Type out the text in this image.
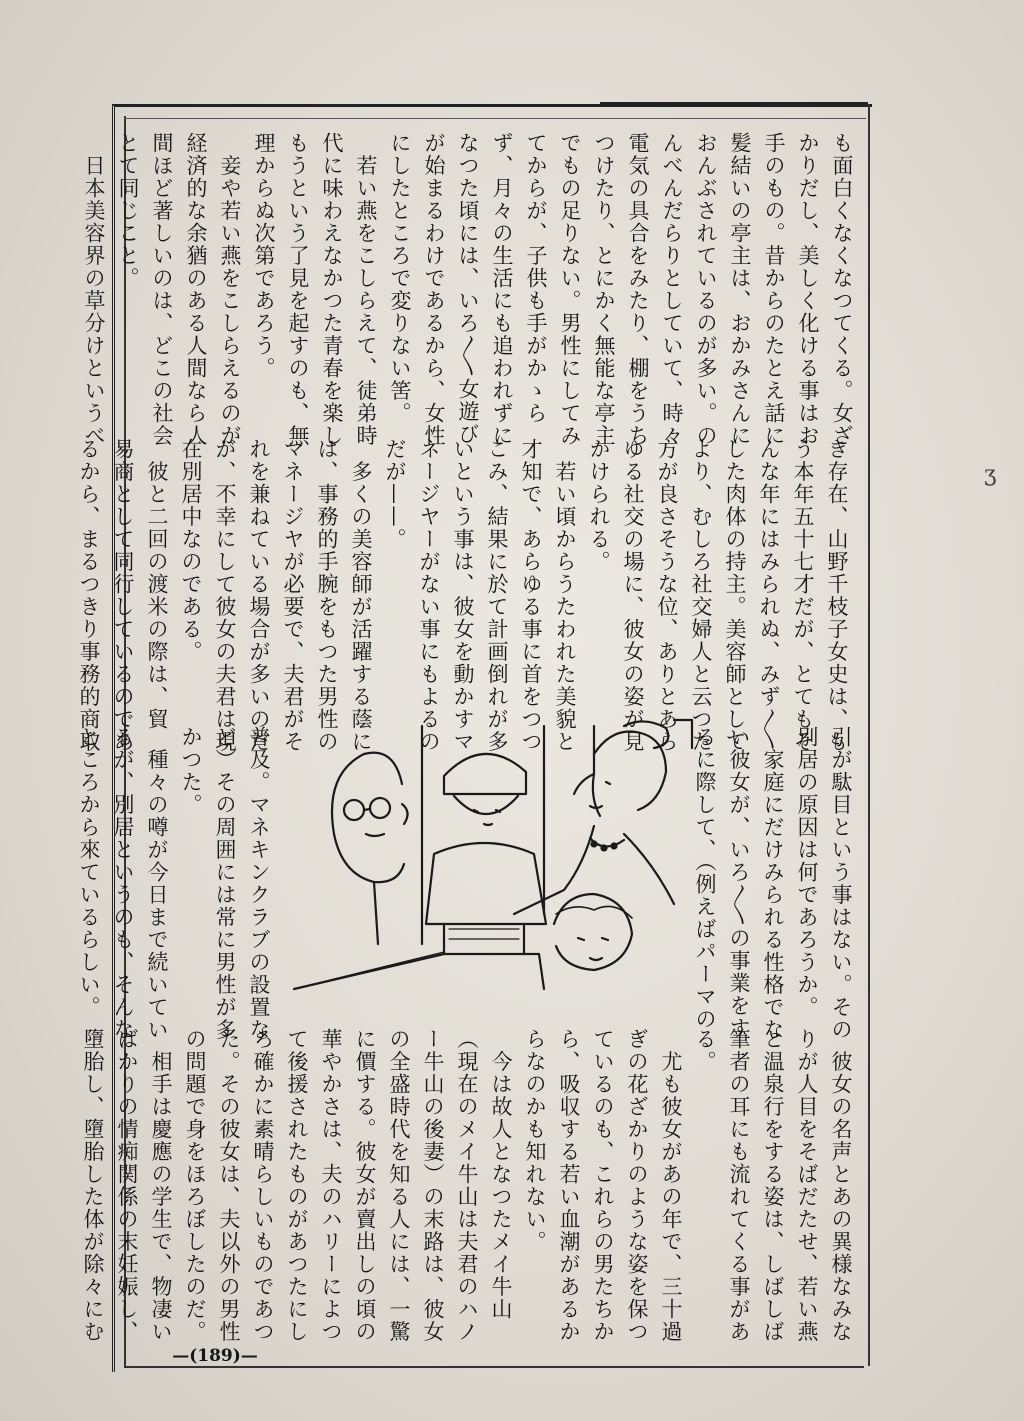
も面白くなくなつてくる。女ざ
かりだし、美しく化ける事はお
手のもの。昔からのたとえ話に
髪結いの亭主は、おかみさんに
おんぶされているのが多い。の
んべんだらりとしていて、時々
電気の具合をみたり、棚をうち
つけたり、とにかく無能な亭主
でもの足りない。男性にしてみ
てからが、子供も手がかゝら
ず、月々の生活にも追われずに
なつた頃には、いろ〳〵女遊び
が始まるわけであるから、女性
にしたところで変りない筈。
　若い燕をこしらえて、徒弟時
代に味わえなかつた青春を楽し
もうという了見を起すのも、無
理からぬ次第であろう。
　妾や若い燕をこしらえるのが
経済的な余猶のある人間なら人
間ほど著しいのは、どこの社会
とて同じこと。
　日本美容界の草分けというべ
き存在、山野千枝子女史は、も
う本年五十七才だが、とてもそ
んな年にはみられぬ、みず〳〵
した肉体の持主。美容師として
より、むしろ社交婦人と云つた
方が良さそうな位、ありとあら
ゆる社交の場に、彼女の姿が見
かけられる。
　若い頃からうたわれた美貌と
才知で、あらゆる事に首をつつ
こみ、結果に於て計画倒れが多
いという事は、彼女を動かすマ
ネージヤーがない事にもよるの
だが——。
　多くの美容師が活躍する蔭に
は、事務的手腕をもつた男性の
マネージヤが必要で、夫君がそ
れを兼ねている場合が多いのだ
が、不幸にして彼女の夫君は現
在別居中なのである。
　彼と二回の渡米の際は、貿
易商として同行しているのであ
るから、まるつきり事務的商取
引が駄目という事はない。その
別居の原因は何であろうか。
　家庭にだけみられる性格でな
い彼女が、いろ〳〵の事業をす
るに際して、（例えばパーマの
普及。マネキンクラブの設置な
ど）その周囲には常に男性が多
かつた。
　種々の噂が今日まで続いてい
るが、別居というのも、そんな
ところから來ているらしい。
　彼女の名声とあの異様なみな
りが人目をそばだたせ、若い燕
と温泉行をする姿は、しばしば
筆者の耳にも流れてくる事があ
る。
　尤も彼女があの年で、三十過
ぎの花ざかりのような姿を保つ
ているのも、これらの男たちか
ら、吸収する若い血潮があるか
らなのかも知れない。
　今は故人となつたメイ牛山
（現在のメイ牛山は夫君のハノ
ー牛山の後妻）の末路は、彼女
の全盛時代を知る人には、一驚
に價する。彼女が賣出しの頃の
華やかさは、夫のハリーによつ
て後援されたものがあつたにし
ろ確かに素晴らしいものであつ
た。その彼女は、夫以外の男性
の問題で身をほろぼしたのだ。
　相手は慶應の学生で、物凄い
ばかりの情痴関係の末妊娠し、
墮胎し、墮胎した体が除々にむ
—(189)—
ʒ
